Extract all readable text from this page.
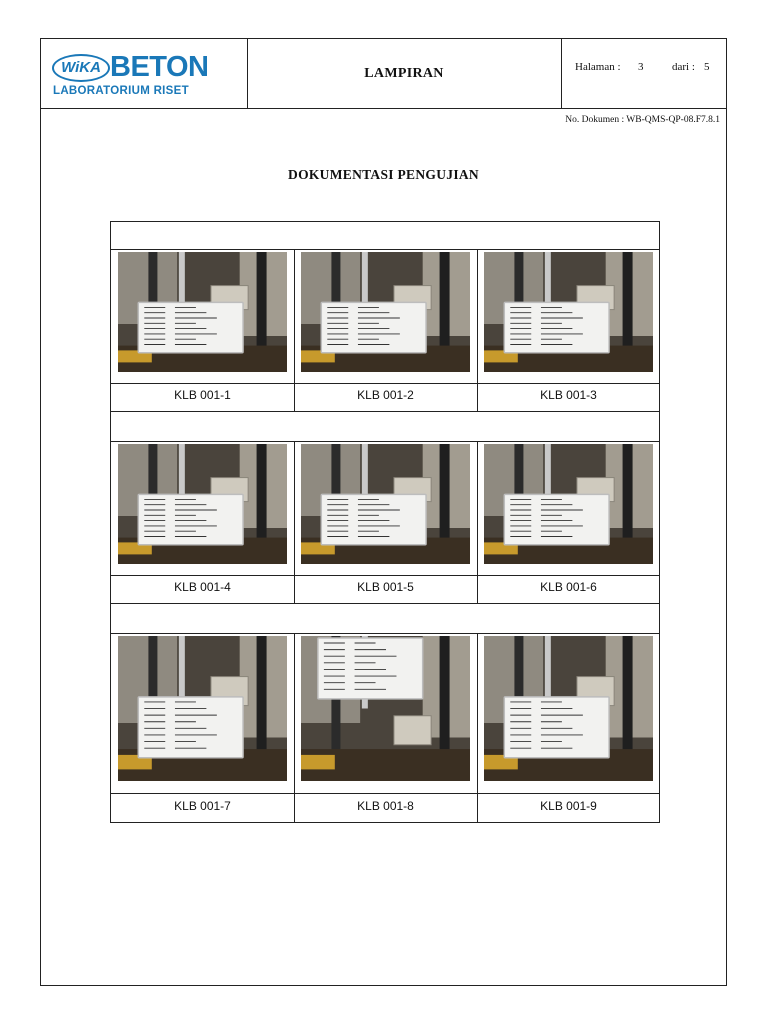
WiKA BETON
LABORATORIUM RISET
LAMPIRAN	Halaman : 3	dari : 5
No. Dokumen : WB-QMS-QP-08.F7.8.1
DOKUMENTASI PENGUJIAN
KLB 001-1	KLB 001-2	KLB 001-3
KLB 001-4	KLB 001-5	KLB 001-6
KLB 001-7	KLB 001-8	KLB 001-9
